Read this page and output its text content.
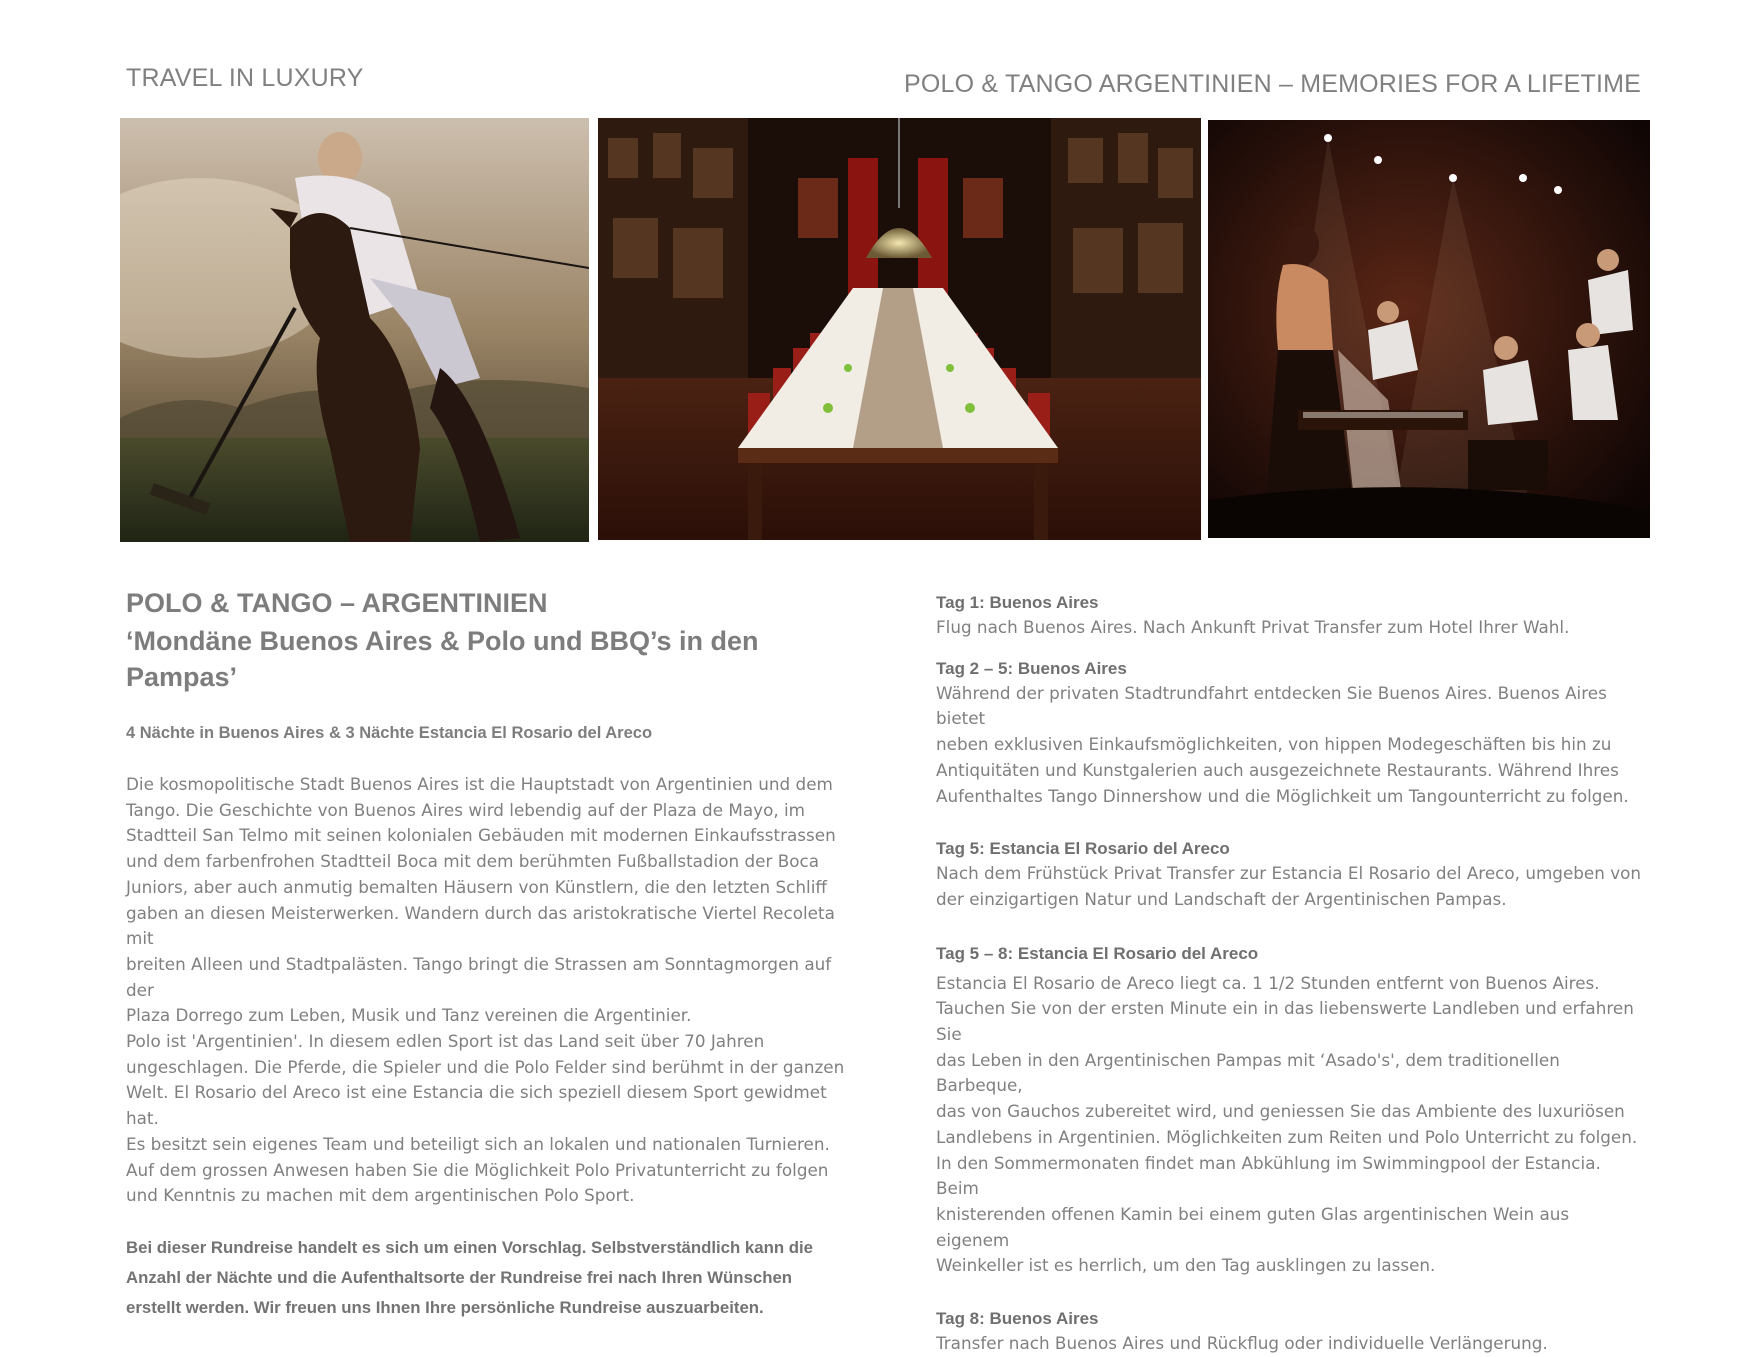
TRAVEL IN LUXURY	POLO & TANGO ARGENTINIEN – MEMORIES FOR A LIFETIME
POLO & TANGO – ARGENTINIEN
‘Mondäne Buenos Aires & Polo und BBQ’s in den Pampas’
4 Nächte in Buenos Aires & 3 Nächte Estancia El Rosario del Areco
Die kosmopolitische Stadt Buenos Aires ist die Hauptstadt von Argentinien und dem
Tango. Die Geschichte von Buenos Aires wird lebendig auf der Plaza de Mayo, im
Stadtteil San Telmo mit seinen kolonialen Gebäuden mit modernen Einkaufsstrassen
und dem farbenfrohen Stadtteil Boca mit dem berühmten Fußballstadion der Boca
Juniors, aber auch anmutig bemalten Häusern von Künstlern, die den letzten Schliff
gaben an diesen Meisterwerken. Wandern durch das aristokratische Viertel Recoleta mit
breiten Alleen und Stadtpalästen. Tango bringt die Strassen am Sonntagmorgen auf der
Plaza Dorrego zum Leben, Musik und Tanz vereinen die Argentinier.
Polo ist 'Argentinien'. In diesem edlen Sport ist das Land seit über 70 Jahren
ungeschlagen. Die Pferde, die Spieler und die Polo Felder sind berühmt in der ganzen
Welt. El Rosario del Areco ist eine Estancia die sich speziell diesem Sport gewidmet hat.
Es besitzt sein eigenes Team und beteiligt sich an lokalen und nationalen Turnieren.
Auf dem grossen Anwesen haben Sie die Möglichkeit Polo Privatunterricht zu folgen
und Kenntnis zu machen mit dem argentinischen Polo Sport.
Bei dieser Rundreise handelt es sich um einen Vorschlag. Selbstverständlich kann die
Anzahl der Nächte und die Aufenthaltsorte der Rundreise frei nach Ihren Wünschen
erstellt werden. Wir freuen uns Ihnen Ihre persönliche Rundreise auszuarbeiten.
Tag 1: Buenos Aires
Flug nach Buenos Aires. Nach Ankunft Privat Transfer zum Hotel Ihrer Wahl.
Tag 2 – 5: Buenos Aires
Während der privaten Stadtrundfahrt entdecken Sie Buenos Aires. Buenos Aires bietet
neben exklusiven Einkaufsmöglichkeiten, von hippen Modegeschäften bis hin zu
Antiquitäten und Kunstgalerien auch ausgezeichnete Restaurants. Während Ihres
Aufenthaltes Tango Dinnershow und die Möglichkeit um Tangounterricht zu folgen.
Tag 5: Estancia El Rosario del Areco
Nach dem Frühstück Privat Transfer zur Estancia El Rosario del Areco, umgeben von
der einzigartigen Natur und Landschaft der Argentinischen Pampas.
Tag 5 – 8: Estancia El Rosario del Areco
Estancia El Rosario de Areco liegt ca. 1 1/2 Stunden entfernt von Buenos Aires.
Tauchen Sie von der ersten Minute ein in das liebenswerte Landleben und erfahren Sie
das Leben in den Argentinischen Pampas mit ‘Asado's', dem traditionellen Barbeque,
das von Gauchos zubereitet wird, und geniessen Sie das Ambiente des luxuriösen
Landlebens in Argentinien. Möglichkeiten zum Reiten und Polo Unterricht zu folgen.
In den Sommermonaten findet man Abkühlung im Swimmingpool der Estancia. Beim
knisterenden offenen Kamin bei einem guten Glas argentinischen Wein aus eigenem
Weinkeller ist es herrlich, um den Tag ausklingen zu lassen.
Tag 8: Buenos Aires
Transfer nach Buenos Aires und Rückflug oder individuelle Verlängerung.
